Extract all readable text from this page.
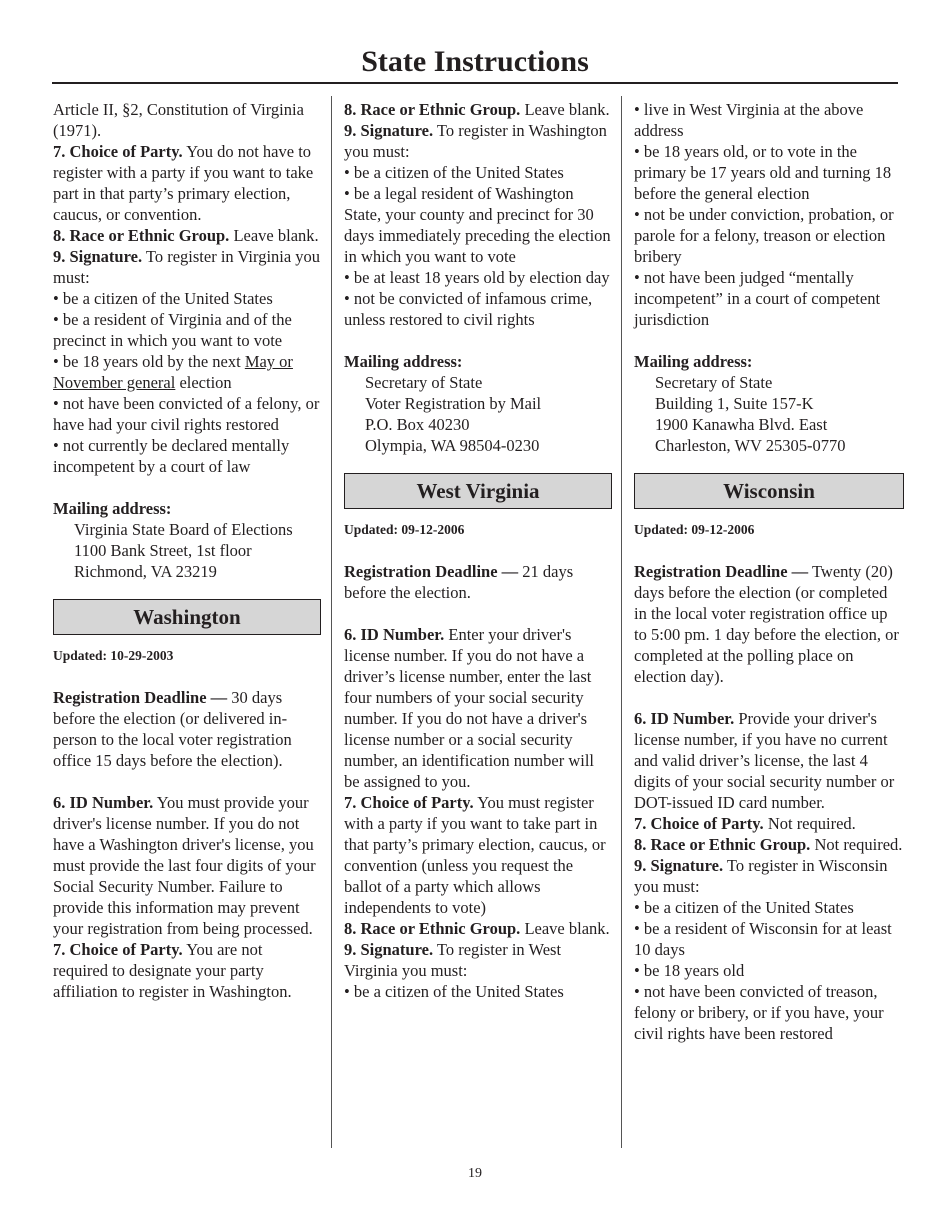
State Instructions

Article II, §2, Constitution of Virginia (1971).

7. Choice of Party. You do not have to register with a party if you want to take part in that party’s primary election, caucus, or convention.

8. Race or Ethnic Group. Leave blank.

9. Signature. To register in Virginia you must:

• be a citizen of the United States

• be a resident of Virginia and of the precinct in which you want to vote

• be 18 years old by the next May or November general election

• not have been convicted of a felony, or have had your civil rights restored

• not currently be declared mentally incompetent by a court of law

Mailing address:

Virginia State Board of Elections

1100 Bank Street, 1st floor

Richmond, VA 23219

Washington

Updated: 10-29-2003

Registration Deadline — 30 days before the election (or delivered in-person to the local voter registration office 15 days before the election).

6. ID Number. You must provide your driver's license number. If you do not have a Washington driver's license, you must provide the last four digits of your Social Security Number. Failure to provide this information may prevent your registration from being processed.

7. Choice of Party. You are not required to designate your party affiliation to register in Washington.

8. Race or Ethnic Group. Leave blank.

9. Signature. To register in Washington you must:

• be a citizen of the United States

• be a legal resident of Washington State, your county and precinct for 30 days immediately preceding the election in which you want to vote

• be at least 18 years old by election day

• not be convicted of infamous crime, unless restored to civil rights

Mailing address:

Secretary of State

Voter Registration by Mail

P.O. Box 40230

Olympia, WA 98504-0230

West Virginia

Updated: 09-12-2006

Registration Deadline — 21 days before the election.

6. ID Number. Enter your driver's license number. If you do not have a driver’s license number, enter the last four numbers of your social security number. If you do not have a driver's license number or a social security number, an identification number will be assigned to you.

7. Choice of Party. You must register with a party if you want to take part in that party’s primary election, caucus, or convention (unless you request the ballot of a party which allows independents to vote)

8. Race or Ethnic Group. Leave blank.

9. Signature. To register in West Virginia you must:

• be a citizen of the United States

• live in West Virginia at the above address

• be 18 years old, or to vote in the primary be 17 years old and turning 18 before the general election

• not be under conviction, probation, or parole for a felony, treason or election bribery

• not have been judged “mentally incompetent” in a court of competent jurisdiction

Mailing address:

Secretary of State

Building 1, Suite 157-K

1900 Kanawha Blvd. East

Charleston, WV 25305-0770

Wisconsin

Updated: 09-12-2006

Registration Deadline — Twenty (20) days before the election (or completed in the local voter registration office up to 5:00 pm. 1 day before the election, or completed at the polling place on election day).

6. ID Number. Provide your driver's license number, if you have no current and valid driver’s license, the last 4 digits of your social security number or DOT-issued ID card number.

7. Choice of Party. Not required.

8. Race or Ethnic Group. Not required.

9. Signature. To register in Wisconsin you must:

• be a citizen of the United States

• be a resident of Wisconsin for at least 10 days

• be 18 years old

• not have been convicted of treason, felony or bribery, or if you have, your civil rights have been restored

19
